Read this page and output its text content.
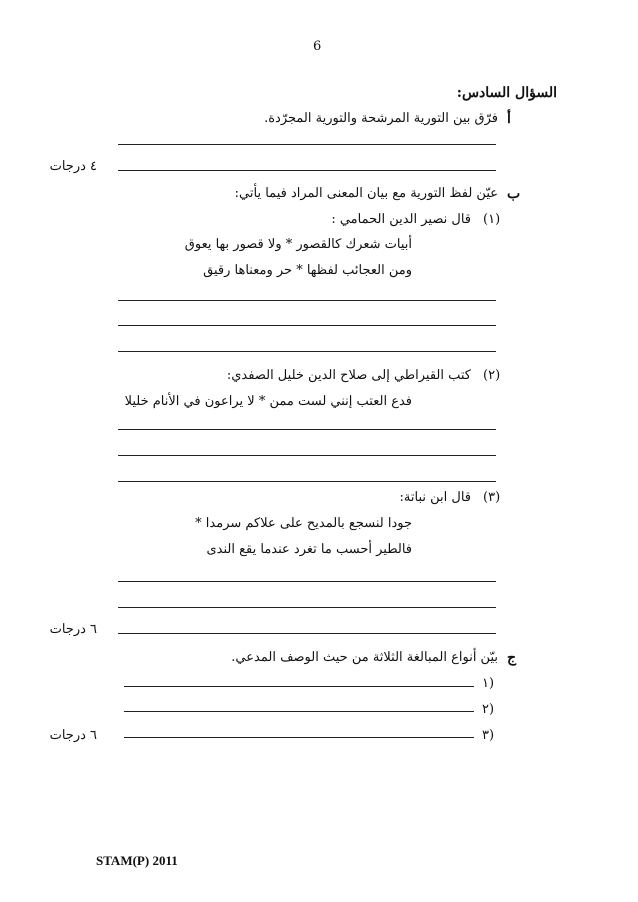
6
السؤال السادس:
أ
فرّق بين التورية المرشحة والتورية المجرّدة.
٤ درجات
ب
عيّن لفظ التورية مع بيان المعنى المراد فيما يأتي:
(١)
قال نصير الدين الحمامي :
أبيات شعرك كالقصور * ولا قصور بها يعوق
ومن العجائب لفظها * حر ومعناها رقيق
(٢)
كتب القيراطي إلى صلاح الدين خليل الصفدي:
فدع العتب إنني لست ممن * لا يراعون في الأنام خليلا
(٣)
قال ابن نباتة:
جودا لنسجع بالمديح على علاكم سرمدا *
فالطير أحسب ما تغرد عندما يقع الندى
٦ درجات
ج
بيّن أنواع المبالغة الثلاثة من حيث الوصف المدعي.
١)
٢)
٣)
٦ درجات
STAM(P) 2011
